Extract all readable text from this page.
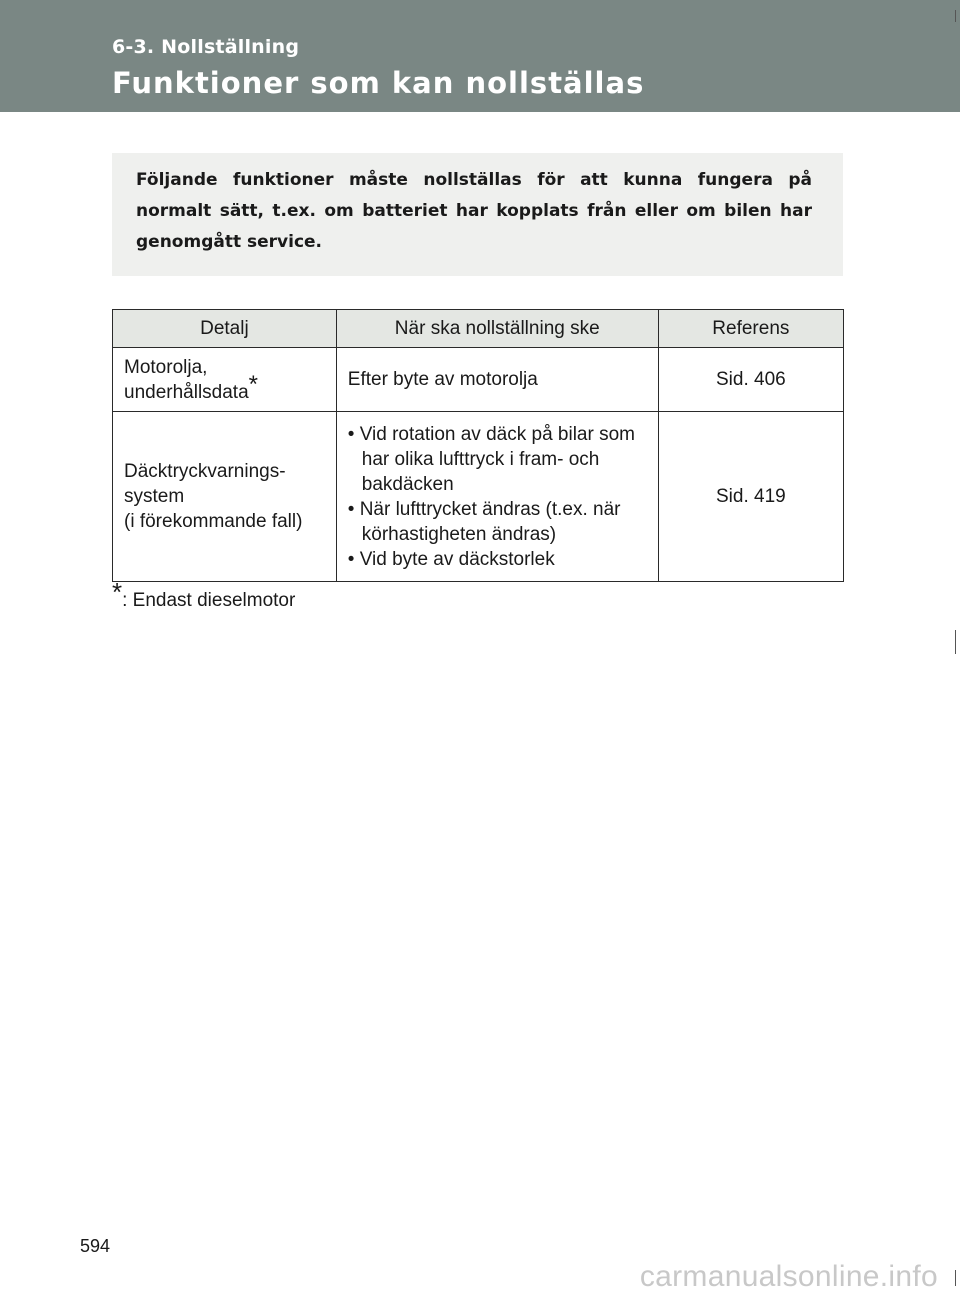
6-3. Nollställning
Funktioner som kan nollställas
Följande funktioner måste nollställas för att kunna fungera på normalt sätt, t.ex. om batteriet har kopplats från eller om bilen har genomgått service.
Detalj	När ska nollställning ske	Referens
Motorolja,
underhållsdata*	Efter byte av motorolja	Sid. 406
Däcktryckvarnings-
system
(i förekommande fall)	• Vid rotation av däck på bilar som har olika lufttryck i fram- och bakdäcken
• När lufttrycket ändras (t.ex. när körhastigheten ändras)
• Vid byte av däckstorlek	Sid. 419
*: Endast dieselmotor
594
carmanualsonline.info
